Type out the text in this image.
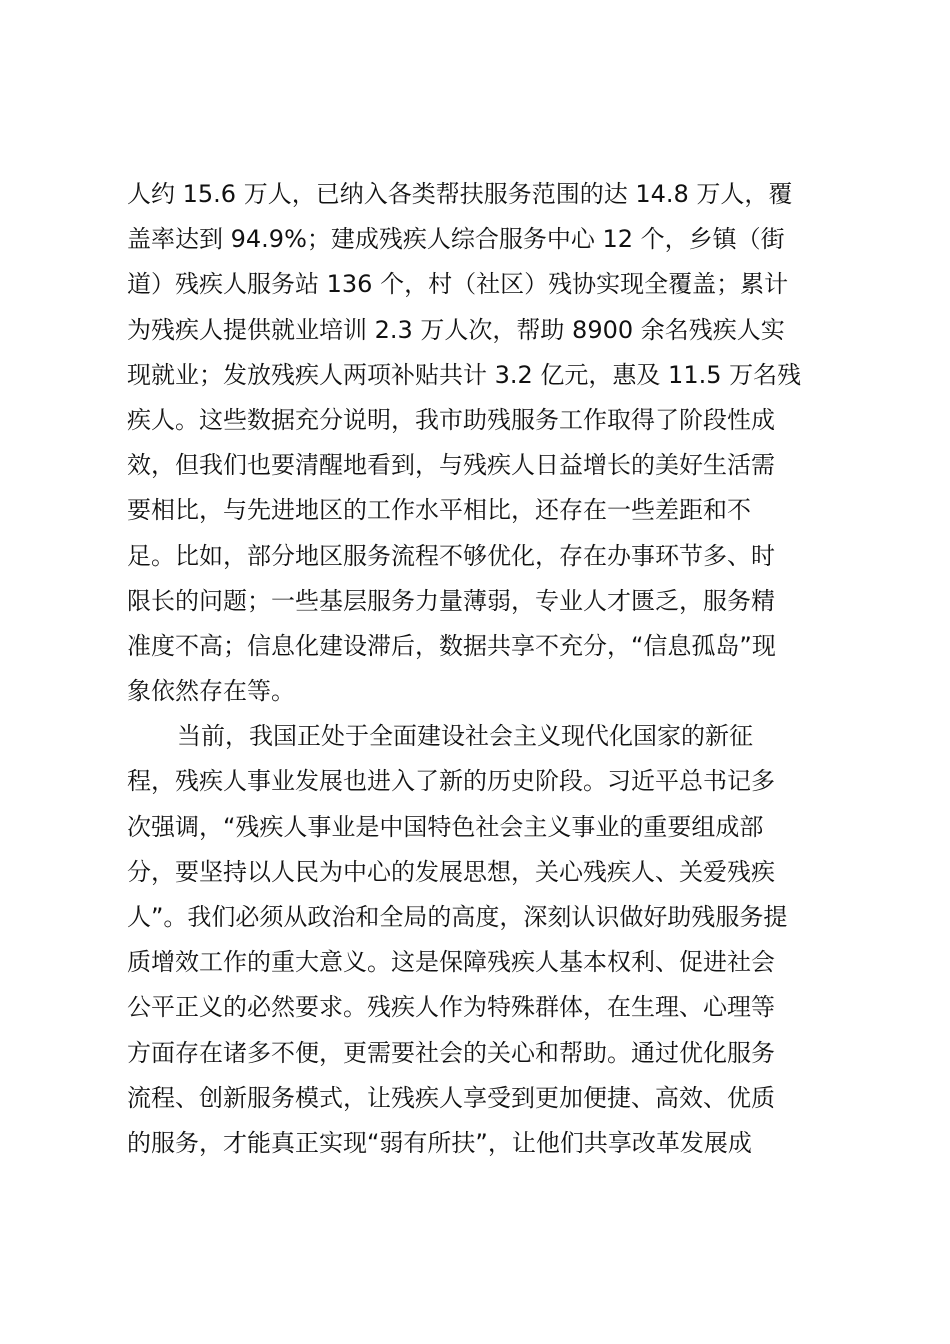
人约 15.6 万人，已纳入各类帮扶服务范围的达 14.8 万人，覆
盖率达到 94.9%；建成残疾人综合服务中心 12 个，乡镇（街
道）残疾人服务站 136 个，村（社区）残协实现全覆盖；累计
为残疾人提供就业培训 2.3 万人次，帮助 8900 余名残疾人实
现就业；发放残疾人两项补贴共计 3.2 亿元，惠及 11.5 万名残
疾人。这些数据充分说明，我市助残服务工作取得了阶段性成
效，但我们也要清醒地看到，与残疾人日益增长的美好生活需
要相比，与先进地区的工作水平相比，还存在一些差距和不
足。比如，部分地区服务流程不够优化，存在办事环节多、时
限长的问题；一些基层服务力量薄弱，专业人才匮乏，服务精
准度不高；信息化建设滞后，数据共享不充分，“信息孤岛”现
象依然存在等。
当前，我国正处于全面建设社会主义现代化国家的新征
程，残疾人事业发展也进入了新的历史阶段。习近平总书记多
次强调，“残疾人事业是中国特色社会主义事业的重要组成部
分，要坚持以人民为中心的发展思想，关心残疾人、关爱残疾
人”。我们必须从政治和全局的高度，深刻认识做好助残服务提
质增效工作的重大意义。这是保障残疾人基本权利、促进社会
公平正义的必然要求。残疾人作为特殊群体，在生理、心理等
方面存在诸多不便，更需要社会的关心和帮助。通过优化服务
流程、创新服务模式，让残疾人享受到更加便捷、高效、优质
的服务，才能真正实现“弱有所扶”，让他们共享改革发展成
